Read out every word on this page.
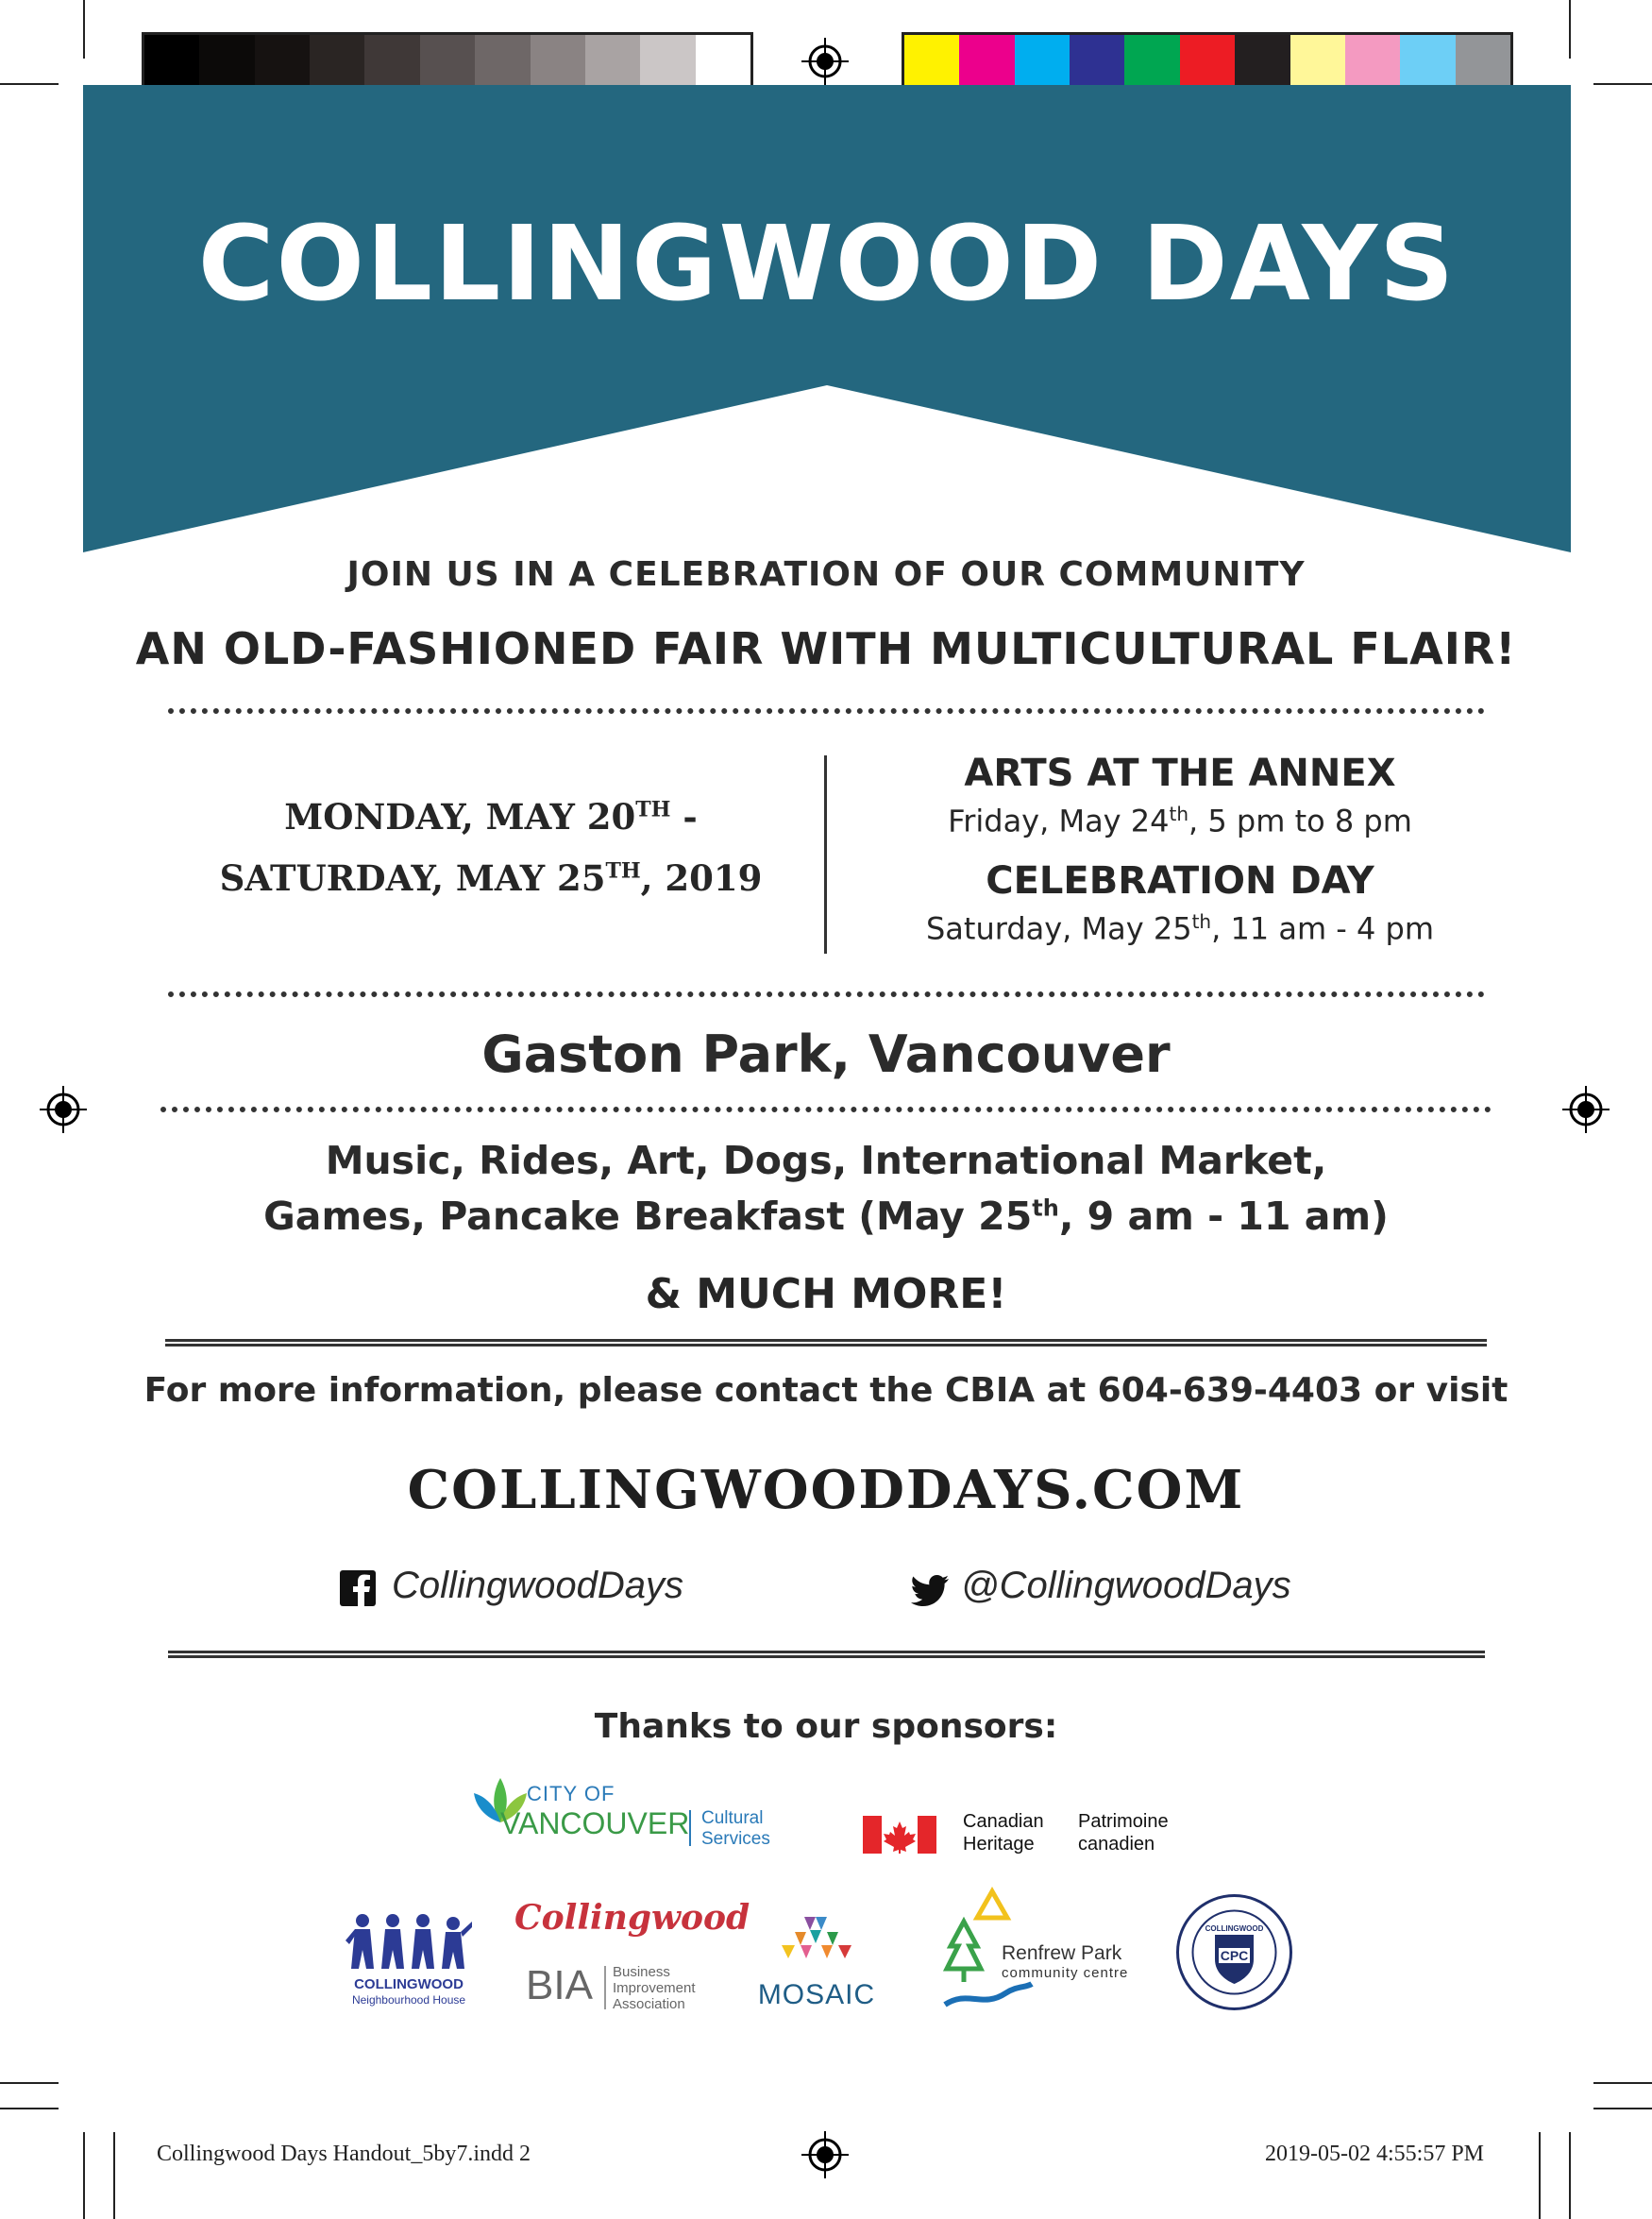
COLLINGWOOD DAYS
JOIN US IN A CELEBRATION OF OUR COMMUNITY
AN OLD-FASHIONED FAIR WITH MULTICULTURAL FLAIR!
MONDAY, MAY 20TH -
SATURDAY, MAY 25TH, 2019
ARTS AT THE ANNEX
Friday, May 24th, 5 pm to 8 pm
CELEBRATION DAY
Saturday, May 25th, 11 am - 4 pm
Gaston Park, Vancouver
Music, Rides, Art, Dogs, International Market,
Games, Pancake Breakfast (May 25th, 9 am - 11 am)
& MUCH MORE!
For more information, please contact the CBIA at 604-639-4403 or visit
COLLINGWOODDAYS.COM
CollingwoodDays	@CollingwoodDays
Thanks to our sponsors:
CITY OF
VANCOUVER Cultural
Services
Canadian
Heritage
Patrimoine
canadien
COLLINGWOOD
Neighbourhood House
Collingwood
BIA Business
Improvement
Association	MOSAIC
Renfrew Park
community centre
COLLINGWOOD
CPC
Collingwood Days Handout_5by7.indd 2	2019-05-02 4:55:57 PM
